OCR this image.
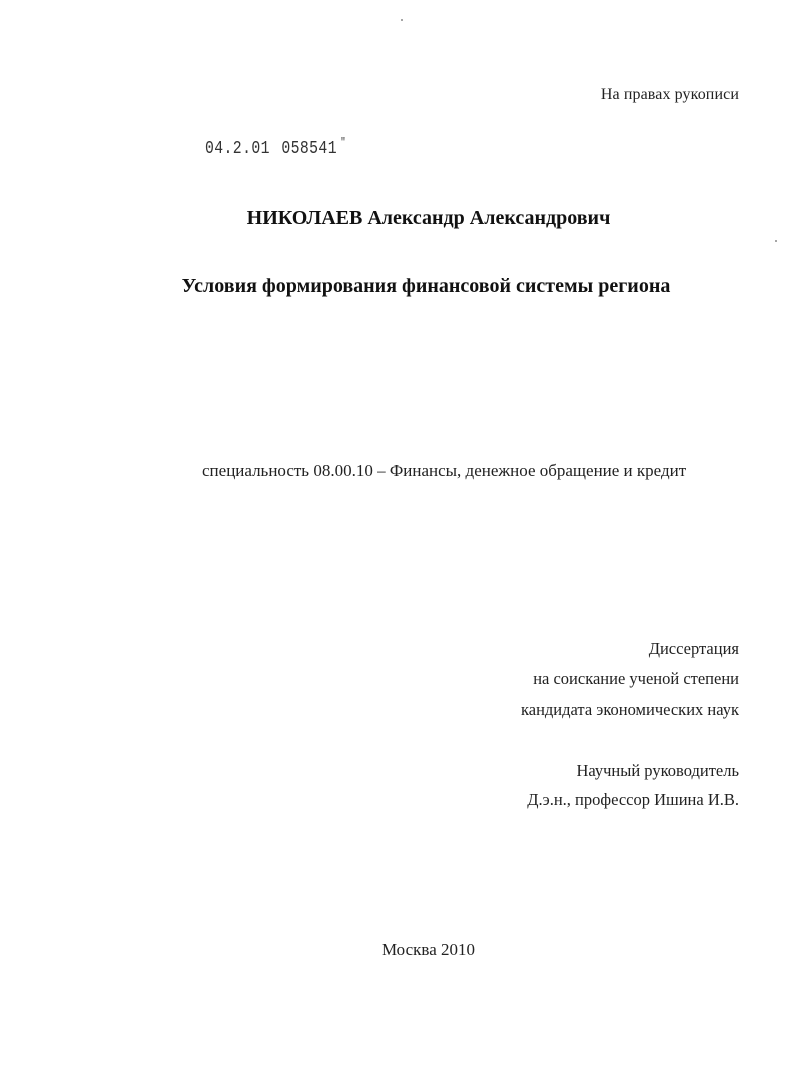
На правах рукописи
04.2.01 058541 "
НИКОЛАЕВ Александр Александрович
Условия формирования финансовой системы региона
специальность 08.00.10 – Финансы, денежное обращение и кредит
Диссертация
на соискание ученой степени
кандидата экономических наук
Научный руководитель
Д.э.н., профессор Ишина И.В.
Москва 2010
